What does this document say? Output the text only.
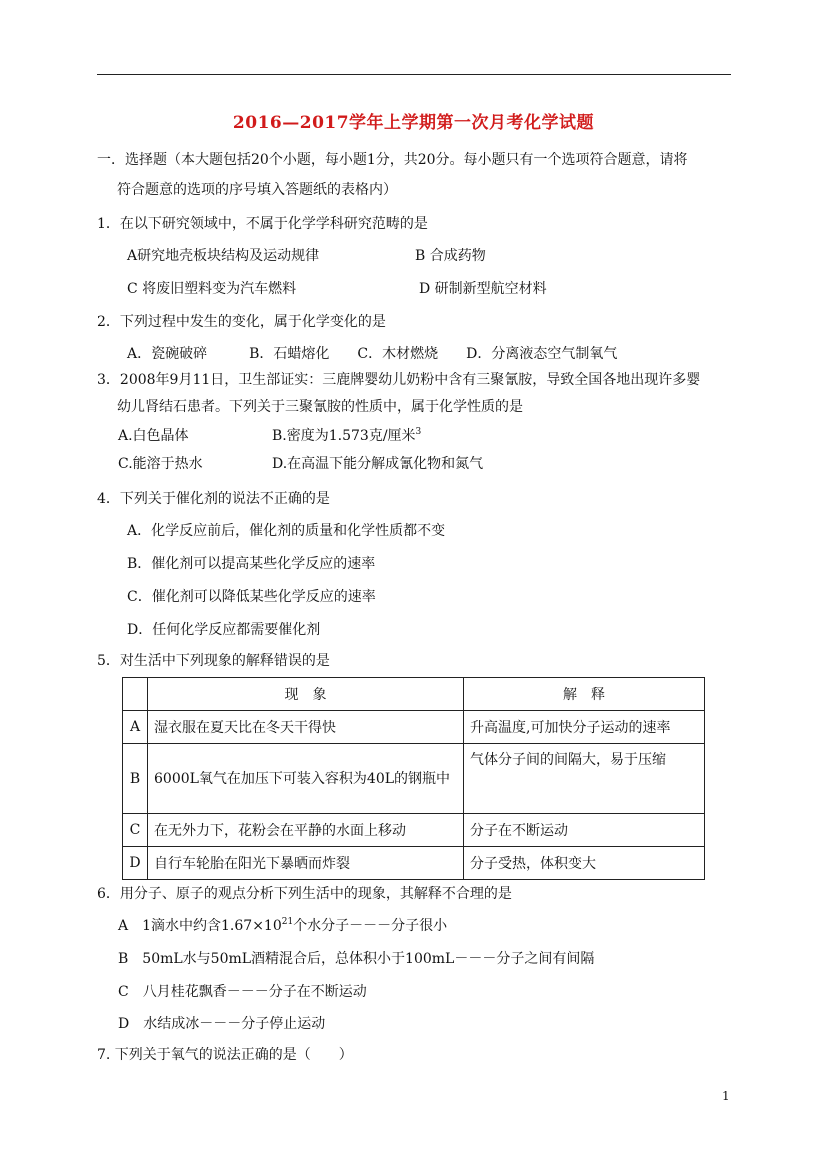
2016—2017学年上学期第一次月考化学试题
一．选择题（本大题包括20个小题，每小题1分，共20分。每小题只有一个选项符合题意，请将
符合题意的选项的序号填入答题纸的表格内）
1．在以下研究领域中，不属于化学学科研究范畴的是
A研究地壳板块结构及运动规律	B 合成药物
C 将废旧塑料变为汽车燃料	D 研制新型航空材料
2．下列过程中发生的变化，属于化学变化的是
A．瓷碗破碎　　　B．石蜡熔化　　C．木材燃烧　　D．分离液态空气制氧气
3．2008年9月11日，卫生部证实：三鹿牌婴幼儿奶粉中含有三聚氰胺，导致全国各地出现许多婴
幼儿肾结石患者。下列关于三聚氰胺的性质中，属于化学性质的是
A.白色晶体	B.密度为1.573克/厘米$^3$
C.能溶于热水	D.在高温下能分解成氰化物和氮气
4．下列关于催化剂的说法不正确的是
A．化学反应前后，催化剂的质量和化学性质都不变
B．催化剂可以提高某些化学反应的速率
C．催化剂可以降低某些化学反应的速率
D．任何化学反应都需要催化剂
5．对生活中下列现象的解释错误的是
	现　象	解　释
A	湿衣服在夏天比在冬天干得快	升高温度,可加快分子运动的速率
B	6000L氧气在加压下可装入容积为40L的钢瓶中	气体分子间的间隔大，易于压缩
C	在无外力下，花粉会在平静的水面上移动	分子在不断运动
D	自行车轮胎在阳光下暴晒而炸裂	分子受热，体积变大
6．用分子、原子的观点分析下列生活中的现象，其解释不合理的是
A　1滴水中约含$1.67\times 10^{21}$个水分子－－－分子很小
B　50mL水与50mL酒精混合后，总体积小于100mL－－－分子之间有间隔
C　八月桂花飘香－－－分子在不断运动
D　水结成冰－－－分子停止运动
7. 下列关于氧气的说法正确的是（　　）
1
